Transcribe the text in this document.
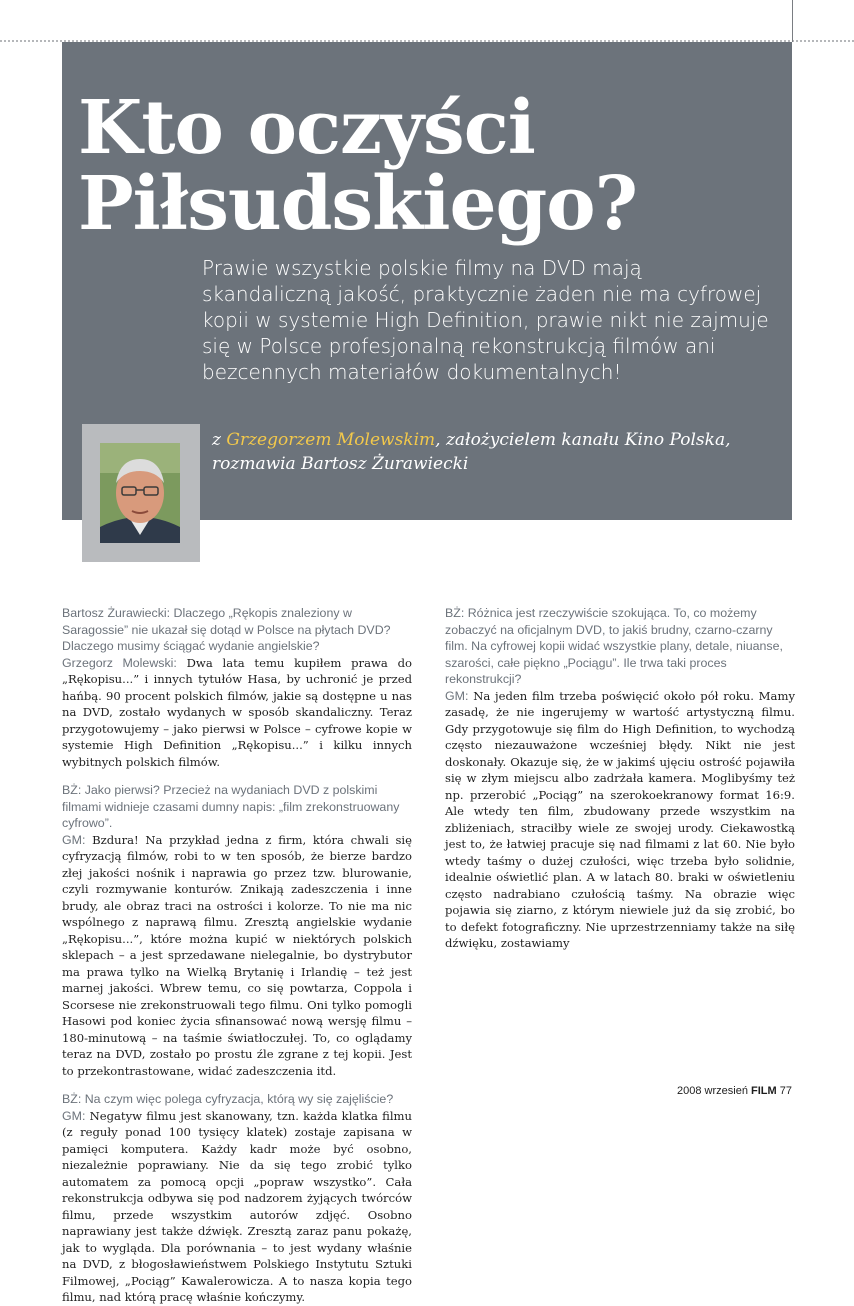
Kto oczyści
Piłsudskiego?

Prawie wszystkie polskie filmy na DVD mają skandaliczną jakość, praktycznie żaden nie ma cyfrowej kopii w systemie High Definition, prawie nikt nie zajmuje się w Polsce profesjonalną rekonstrukcją filmów ani bezcennych materiałów dokumentalnych!

z Grzegorzem Molewskim, założycielem kanału Kino Polska,
rozmawia Bartosz Żurawiecki

Bartosz Żurawiecki: Dlaczego „Rękopis znaleziony w Saragossie” nie ukazał się dotąd w Polsce na płytach DVD? Dlaczego musimy ściągać wydanie angielskie?

Grzegorz Molewski: Dwa lata temu kupiłem prawa do „Rękopisu...” i innych tytułów Hasa, by uchronić je przed hańbą. 90 procent polskich filmów, jakie są dostępne u nas na DVD, zostało wydanych w sposób skandaliczny. Teraz przygotowujemy – jako pierwsi w Polsce – cyfrowe kopie w systemie High Definition „Rękopisu...” i kilku innych wybitnych polskich filmów.

BŻ: Jako pierwsi? Przecież na wydaniach DVD z polskimi filmami widnieje czasami dumny napis: „film zrekonstruowany cyfrowo”.

GM: Bzdura! Na przykład jedna z firm, która chwali się cyfryzacją filmów, robi to w ten sposób, że bierze bardzo złej jakości nośnik i naprawia go przez tzw. blurowanie, czyli rozmywanie konturów. Znikają zadeszczenia i inne brudy, ale obraz traci na ostrości i kolorze. To nie ma nic wspólnego z naprawą filmu. Zresztą angielskie wydanie „Rękopisu...”, które można kupić w niektórych polskich sklepach – a jest sprzedawane nielegalnie, bo dystrybutor ma prawa tylko na Wielką Brytanię i Irlandię – też jest marnej jakości. Wbrew temu, co się powtarza, Coppola i Scorsese nie zrekonstruowali tego filmu. Oni tylko pomogli Hasowi pod koniec życia sfinansować nową wersję filmu – 180-minutową – na taśmie światłoczułej. To, co oglądamy teraz na DVD, zostało po prostu źle zgrane z tej kopii. Jest to przekontrastowane, widać zadeszczenia itd.

BŻ: Na czym więc polega cyfryzacja, którą wy się zajęliście?

GM: Negatyw filmu jest skanowany, tzn. każda klatka filmu (z reguły ponad 100 tysięcy klatek) zostaje zapisana w pamięci komputera. Każdy kadr może być osobno, niezależnie poprawiany. Nie da się tego zrobić tylko automatem za pomocą opcji „popraw wszystko”. Cała rekonstrukcja odbywa się pod nadzorem żyjących twórców filmu, przede wszystkim autorów zdjęć. Osobno naprawiany jest także dźwięk. Zresztą zaraz panu pokażę, jak to wygląda. Dla porównania – to jest wydany właśnie na DVD, z błogosławieństwem Polskiego Instytutu Sztuki Filmowej, „Pociąg” Kawalerowicza. A to nasza kopia tego filmu, nad którą pracę właśnie kończymy.

BŻ: Różnica jest rzeczywiście szokująca. To, co możemy zobaczyć na oficjalnym DVD, to jakiś brudny, czarno-czarny film. Na cyfrowej kopii widać wszystkie plany, detale, niuanse, szarości, całe piękno „Pociągu”. Ile trwa taki proces rekonstrukcji?

GM: Na jeden film trzeba poświęcić około pół roku. Mamy zasadę, że nie ingerujemy w wartość artystyczną filmu. Gdy przygotowuje się film do High Definition, to wychodzą często niezauważone wcześniej błędy. Nikt nie jest doskonały. Okazuje się, że w jakimś ujęciu ostrość pojawiła się w złym miejscu albo zadrżała kamera. Moglibyśmy też np. przerobić „Pociąg” na szerokoekranowy format 16:9. Ale wtedy ten film, zbudowany przede wszystkim na zbliżeniach, straciłby wiele ze swojej urody. Ciekawostką jest to, że łatwiej pracuje się nad filmami z lat 60. Nie było wtedy taśmy o dużej czułości, więc trzeba było solidnie, idealnie oświetlić plan. A w latach 80. braki w oświetleniu często nadrabiano czułością taśmy. Na obrazie więc pojawia się ziarno, z którym niewiele już da się zrobić, bo to defekt fotograficzny. Nie uprzestrzenniamy także na siłę dźwięku, zostawiamy

2008 wrzesień FILM 77
